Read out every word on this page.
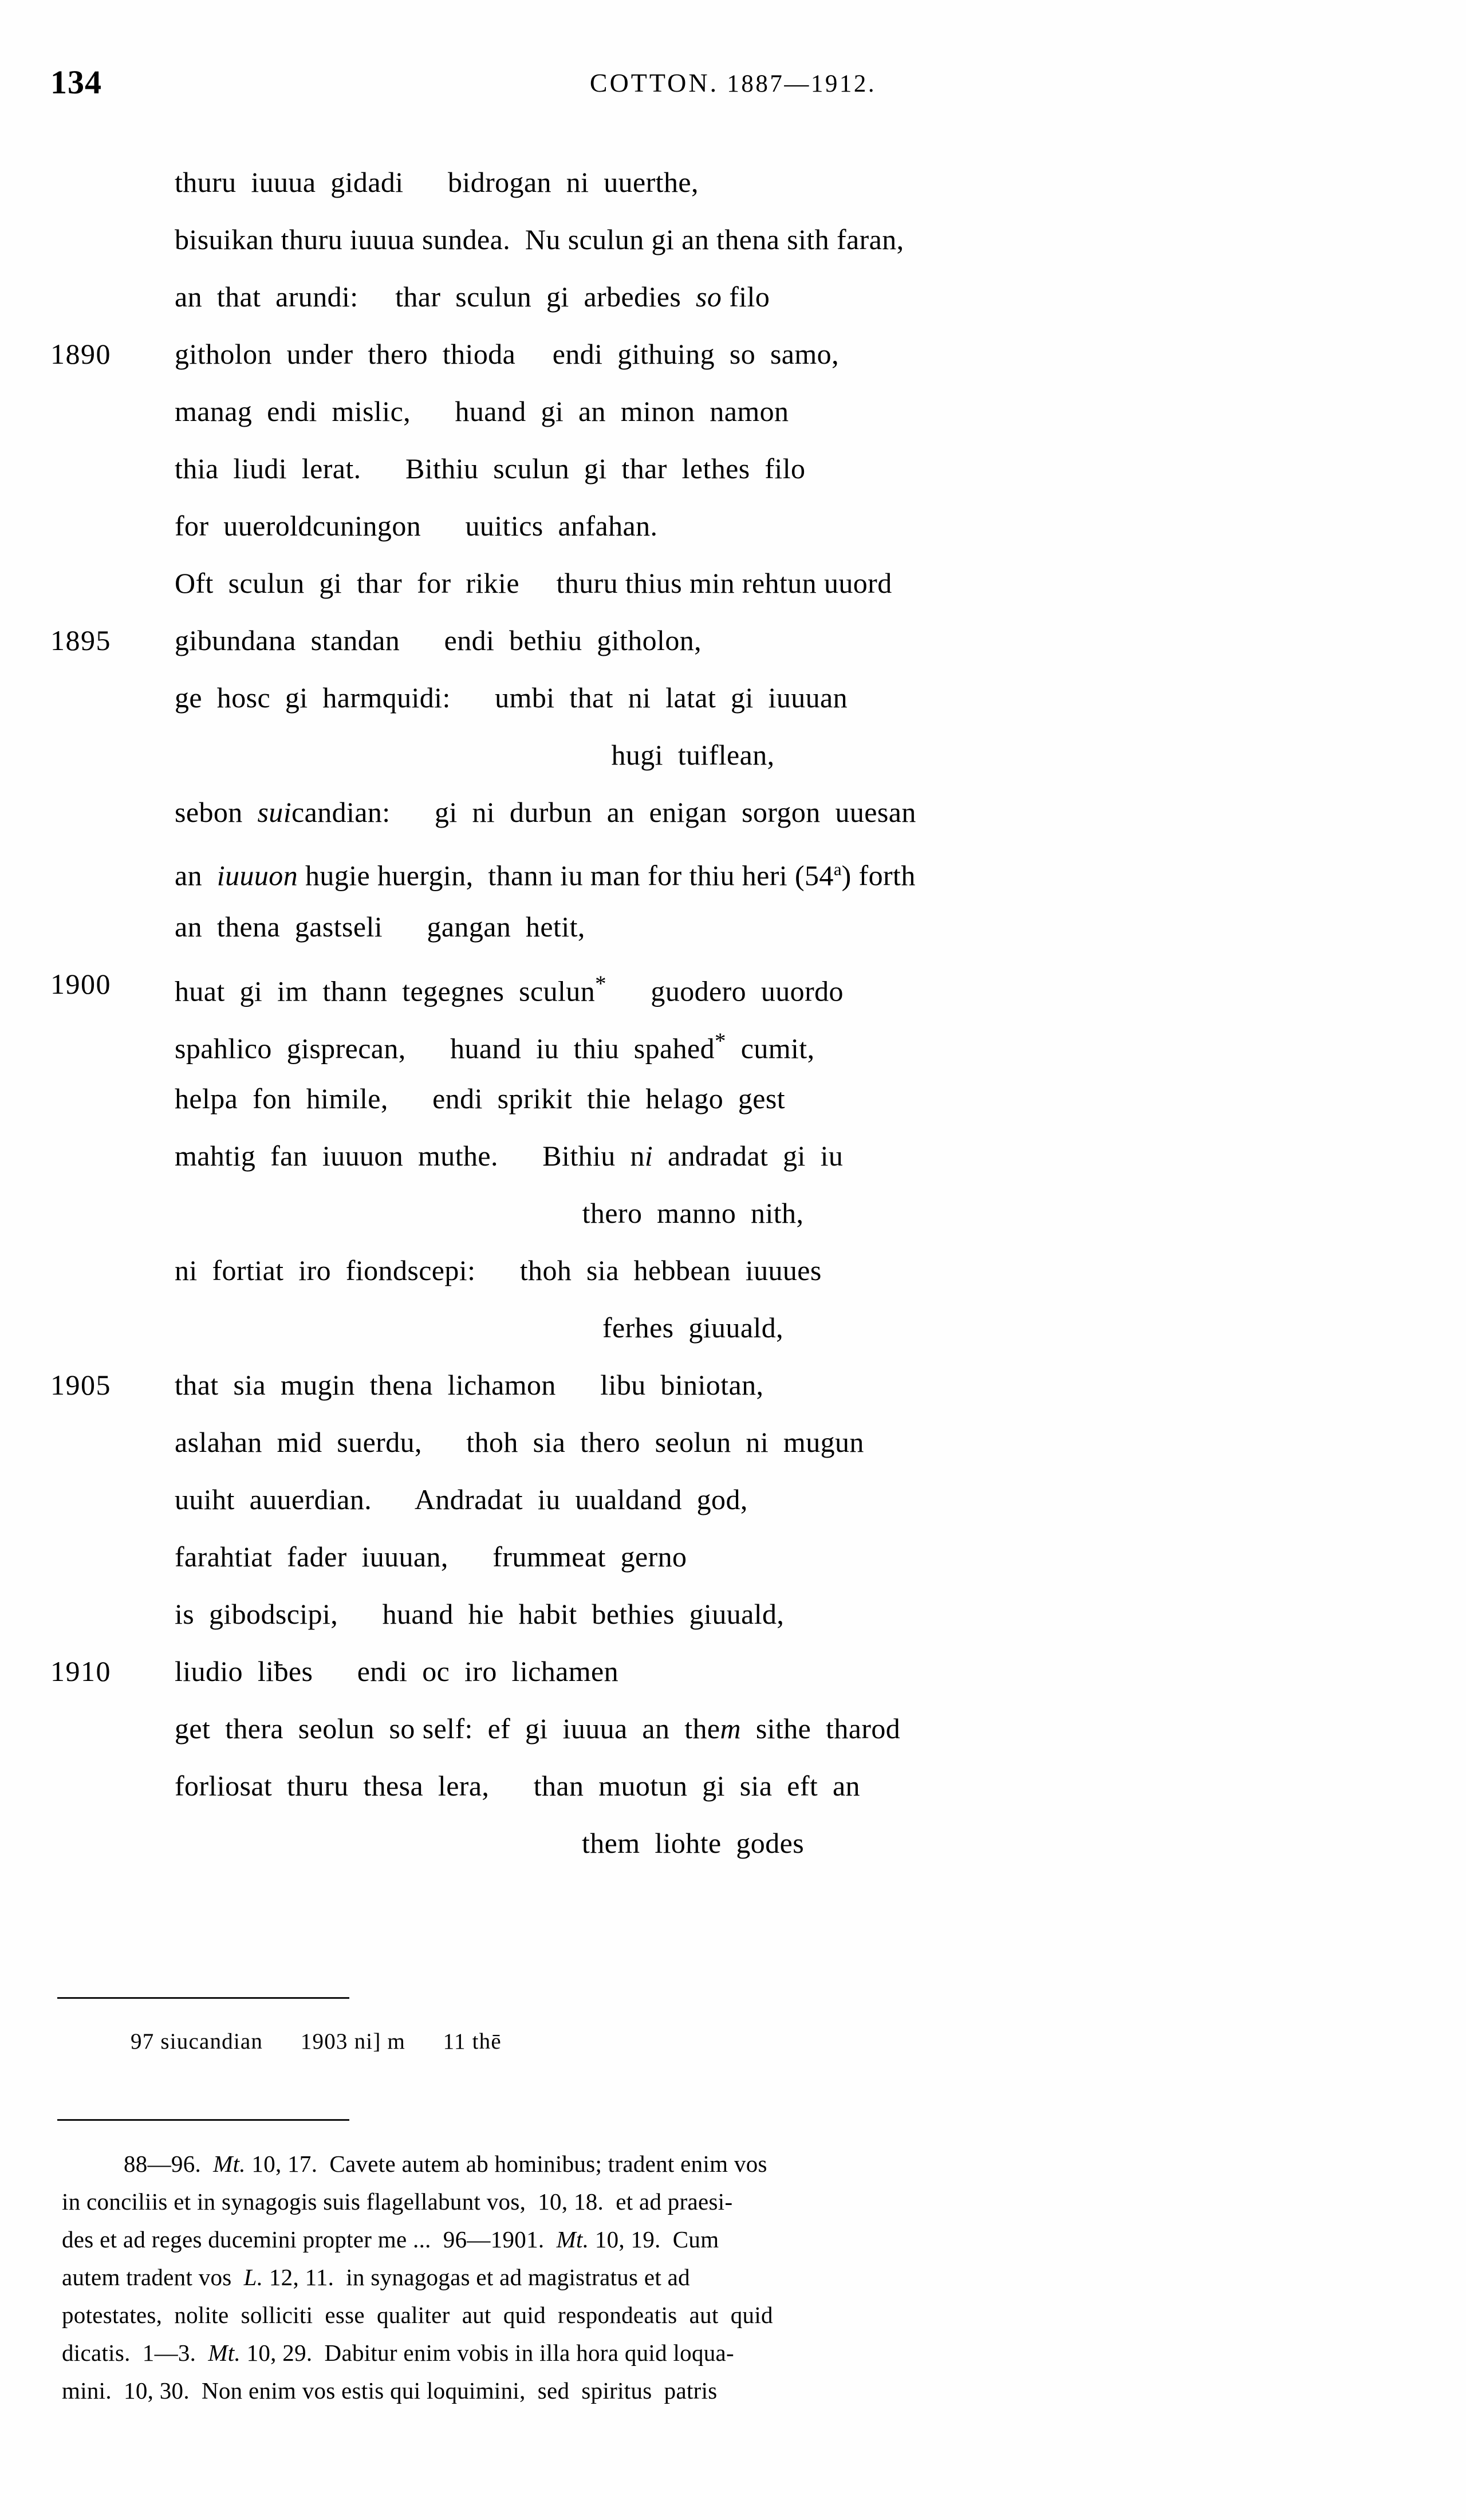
134	COTTON. 1887—1912.
thuru  iuuua  gidadi      bidrogan  ni  uuerthe,
bisuikan thuru iuuua sundea.  Nu sculun gi an thena sith faran,
an  that  arundi:     thar  sculun  gi  arbedies  so filo
1890	githolon  under  thero  thioda     endi  githuing  so  samo,
manag  endi  mislic,      huand  gi  an  minon  namon
thia  liudi  lerat.      Bithiu  sculun  gi  thar  lethes  filo
for  uueroldcuningon      uuitics  anfahan.
Oft  sculun  gi  thar  for  rikie     thuru thius min rehtun uuord
1895	gibundana  standan      endi  bethiu  githolon,
ge  hosc  gi  harmquidi:      umbi  that  ni  latat  gi  iuuuan
hugi  tuiflean,
sebon  suicandian:      gi  ni  durbun  an  enigan  sorgon  uuesan
an  iuuuon hugie huergin,  thann iu man for thiu heri (54$^a$) forth
an  thena  gastseli      gangan  hetit,
1900	huat  gi  im  thann  tegegnes  sculun*      guodero  uuordo
spahlico  gisprecan,      huand  iu  thiu  spahed*  cumit,
helpa  fon  himile,      endi  sprikit  thie  helago  gest
mahtig  fan  iuuuon  muthe.      Bithiu  ni  andradat  gi  iu
thero  manno  nith,
ni  fortiat  iro  fiondscepi:      thoh  sia  hebbean  iuuues
ferhes  giuuald,
1905	that  sia  mugin  thena  lichamon      libu  biniotan,
aslahan  mid  suerdu,      thoh  sia  thero  seolun  ni  mugun
uuiht  auuerdian.      Andradat  iu  uualdand  god,
farahtiat  fader  iuuuan,      frummeat  gerno
is  gibodscipi,      huand  hie  habit  bethies  giuuald,
1910	liudio  liƀes      endi  oc  iro  lichamen
get  thera  seolun  so self:  ef  gi  iuuua  an  them  sithe  tharod
forliosat  thuru  thesa  lera,      than  muotun  gi  sia  eft  an
them  liohte  godes
97 siucandian      1903 ni] m      11 thē
88—96.  Mt. 10, 17.  Cavete autem ab hominibus; tradent enim vos
in conciliis et in synagogis suis flagellabunt vos,  10, 18.  et ad praesi-
des et ad reges ducemini propter me ...  96—1901.  Mt. 10, 19.  Cum
autem tradent vos  L. 12, 11.  in synagogas et ad magistratus et ad
potestates,  nolite  solliciti  esse  qualiter  aut  quid  respondeatis  aut  quid
dicatis.  1—3.  Mt. 10, 29.  Dabitur enim vobis in illa hora quid loqua-
mini.  10, 30.  Non enim vos estis qui loquimini,  sed  spiritus  patris
